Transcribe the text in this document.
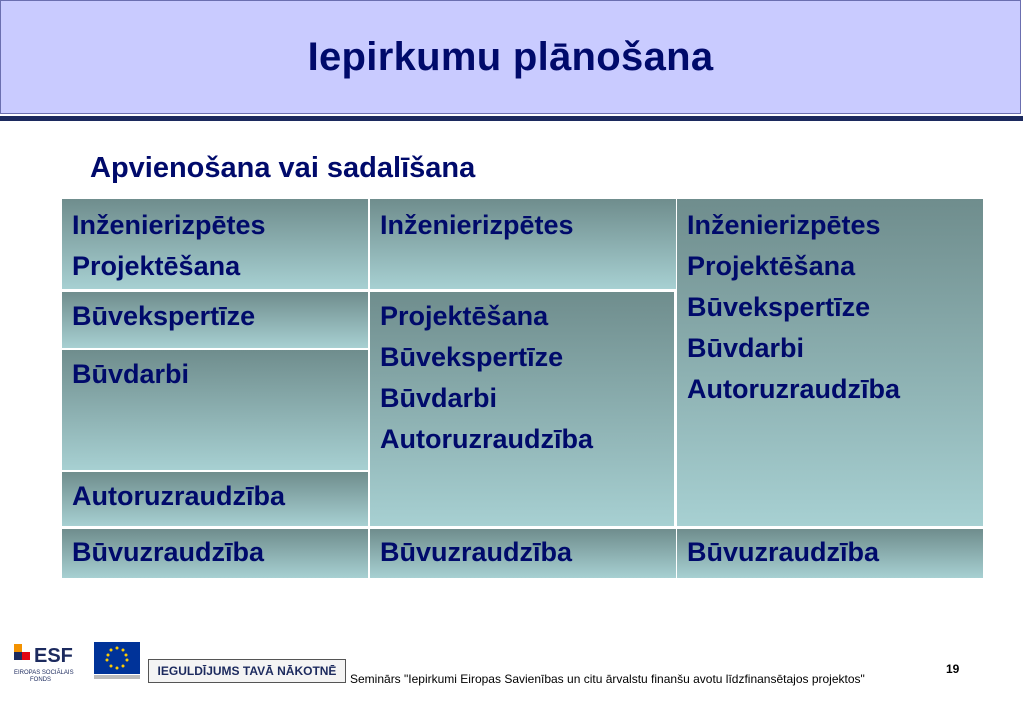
Iepirkumu plānošana
Apvienošana vai sadalīšana
Inženierizpētes
Projektēšana
Būvekspertīze
Būvdarbi
Autoruzraudzība
Būvuzraudzība
Inženierizpētes
Projektēšana
Būvekspertīze
Būvdarbi
Autoruzraudzība
Būvuzraudzība
Inženierizpētes
Projektēšana
Būvekspertīze
Būvdarbi
Autoruzraudzība
Būvuzraudzība
ESF
EIROPAS SOCIĀLAIS
FONDS
IEGULDĪJUMS TAVĀ NĀKOTNĒ
Seminārs "Iepirkumi Eiropas Savienības un citu ārvalstu finanšu avotu līdzfinansētajos projektos"
19
